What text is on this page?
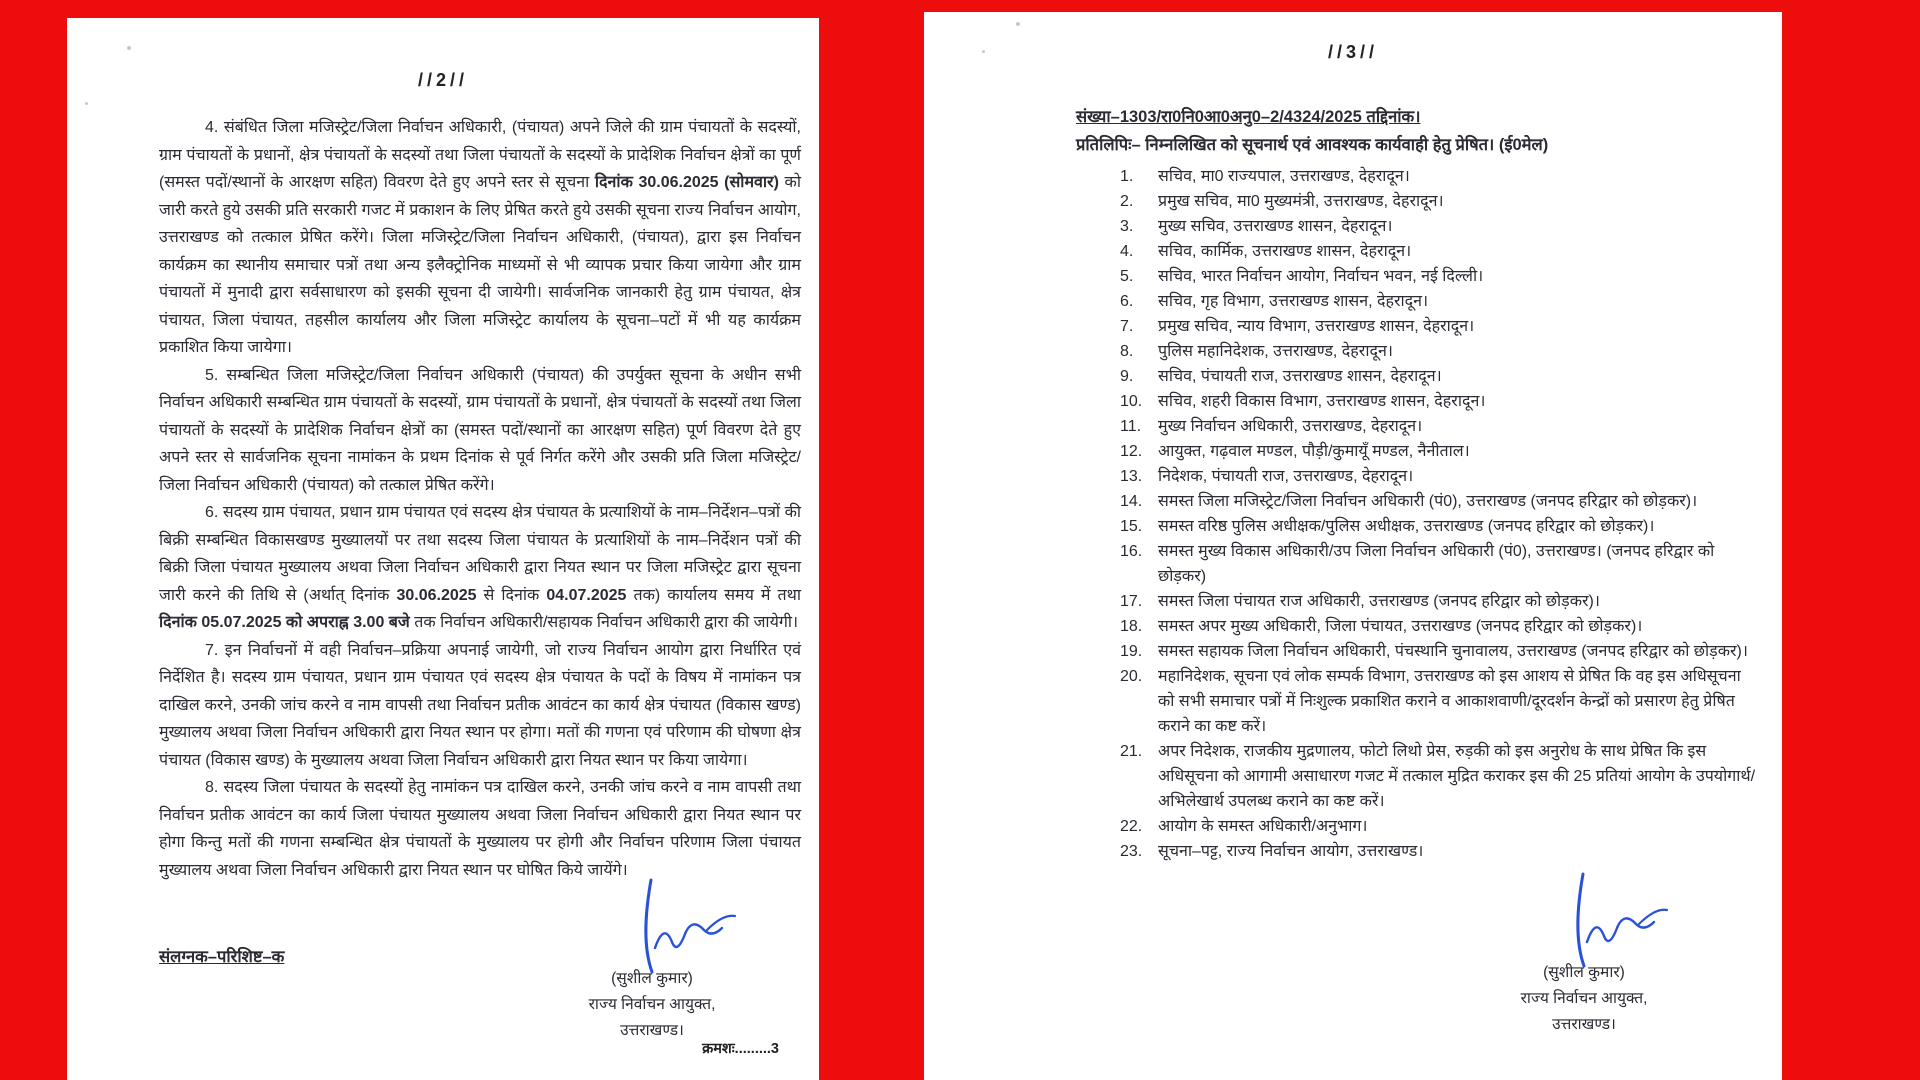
//2//
4. संबंधित जिला मजिस्ट्रेट/जिला निर्वाचन अधिकारी, (पंचायत) अपने जिले की ग्राम पंचायतों के सदस्यों, ग्राम पंचायतों के प्रधानों, क्षेत्र पंचायतों के सदस्यों तथा जिला पंचायतों के सदस्यों के प्रादेशिक निर्वाचन क्षेत्रों का पूर्ण (समस्त पदों/स्थानों के आरक्षण सहित) विवरण देते हुए अपने स्तर से सूचना दिनांक 30.06.2025 (सोमवार) को जारी करते हुये उसकी प्रति सरकारी गजट में प्रकाशन के लिए प्रेषित करते हुये उसकी सूचना राज्य निर्वाचन आयोग, उत्तराखण्ड को तत्काल प्रेषित करेंगे। जिला मजिस्ट्रेट/जिला निर्वाचन अधिकारी, (पंचायत), द्वारा इस निर्वाचन कार्यक्रम का स्थानीय समाचार पत्रों तथा अन्य इलैक्ट्रोनिक माध्यमों से भी व्यापक प्रचार किया जायेगा और ग्राम पंचायतों में मुनादी द्वारा सर्वसाधारण को इसकी सूचना दी जायेगी। सार्वजनिक जानकारी हेतु ग्राम पंचायत, क्षेत्र पंचायत, जिला पंचायत, तहसील कार्यालय और जिला मजिस्ट्रेट कार्यालय के सूचना–पटों में भी यह कार्यक्रम प्रकाशित किया जायेगा।
5. सम्बन्धित जिला मजिस्ट्रेट/जिला निर्वाचन अधिकारी (पंचायत) की उपर्युक्त सूचना के अधीन सभी निर्वाचन अधिकारी सम्बन्धित ग्राम पंचायतों के सदस्यों, ग्राम पंचायतों के प्रधानों, क्षेत्र पंचायतों के सदस्यों तथा जिला पंचायतों के सदस्यों के प्रादेशिक निर्वाचन क्षेत्रों का (समस्त पदों/स्थानों का आरक्षण सहित) पूर्ण विवरण देते हुए अपने स्तर से सार्वजनिक सूचना नामांकन के प्रथम दिनांक से पूर्व निर्गत करेंगे और उसकी प्रति जिला मजिस्ट्रेट/जिला निर्वाचन अधिकारी (पंचायत) को तत्काल प्रेषित करेंगे।
6. सदस्य ग्राम पंचायत, प्रधान ग्राम पंचायत एवं सदस्य क्षेत्र पंचायत के प्रत्याशियों के नाम–निर्देशन–पत्रों की बिक्री सम्बन्धित विकासखण्ड मुख्यालयों पर तथा सदस्य जिला पंचायत के प्रत्याशियों के नाम–निर्देशन पत्रों की बिक्री जिला पंचायत मुख्यालय अथवा जिला निर्वाचन अधिकारी द्वारा नियत स्थान पर जिला मजिस्ट्रेट द्वारा सूचना जारी करने की तिथि से (अर्थात् दिनांक 30.06.2025 से दिनांक 04.07.2025 तक) कार्यालय समय में तथा दिनांक 05.07.2025 को अपराह्न 3.00 बजे तक निर्वाचन अधिकारी/सहायक निर्वाचन अधिकारी द्वारा की जायेगी।
7. इन निर्वाचनों में वही निर्वाचन–प्रक्रिया अपनाई जायेगी, जो राज्य निर्वाचन आयोग द्वारा निर्धारित एवं निर्देशित है। सदस्य ग्राम पंचायत, प्रधान ग्राम पंचायत एवं सदस्य क्षेत्र पंचायत के पदों के विषय में नामांकन पत्र दाखिल करने, उनकी जांच करने व नाम वापसी तथा निर्वाचन प्रतीक आवंटन का कार्य क्षेत्र पंचायत (विकास खण्ड) मुख्यालय अथवा जिला निर्वाचन अधिकारी द्वारा नियत स्थान पर होगा। मतों की गणना एवं परिणाम की घोषणा क्षेत्र पंचायत (विकास खण्ड) के मुख्यालय अथवा जिला निर्वाचन अधिकारी द्वारा नियत स्थान पर किया जायेगा।
8. सदस्य जिला पंचायत के सदस्यों हेतु नामांकन पत्र दाखिल करने, उनकी जांच करने व नाम वापसी तथा निर्वाचन प्रतीक आवंटन का कार्य जिला पंचायत मुख्यालय अथवा जिला निर्वाचन अधिकारी द्वारा नियत स्थान पर होगा किन्तु मतों की गणना सम्बन्धित क्षेत्र पंचायतों के मुख्यालय पर होगी और निर्वाचन परिणाम जिला पंचायत मुख्यालय अथवा जिला निर्वाचन अधिकारी द्वारा नियत स्थान पर घोषित किये जायेंगे।
संलग्नक–परिशिष्ट–क
(सुशील कुमार)
राज्य निर्वाचन आयुक्त,
उत्तराखण्ड।
क्रमशः.........3
//3//
संख्या–1303/रा0नि0आ0अनु0–2/4324/2025 तद्दिनांक।
प्रतिलिपिः– निम्नलिखित को सूचनार्थ एवं आवश्यक कार्यवाही हेतु प्रेषित। (ई0मेल)
1.	सचिव, मा0 राज्यपाल, उत्तराखण्ड, देहरादून।
2.	प्रमुख सचिव, मा0 मुख्यमंत्री, उत्तराखण्ड, देहरादून।
3.	मुख्य सचिव, उत्तराखण्ड शासन, देहरादून।
4.	सचिव, कार्मिक, उत्तराखण्ड शासन, देहरादून।
5.	सचिव, भारत निर्वाचन आयोग, निर्वाचन भवन, नई दिल्ली।
6.	सचिव, गृह विभाग, उत्तराखण्ड शासन, देहरादून।
7.	प्रमुख सचिव, न्याय विभाग, उत्तराखण्ड शासन, देहरादून।
8.	पुलिस महानिदेशक, उत्तराखण्ड, देहरादून।
9.	सचिव, पंचायती राज, उत्तराखण्ड शासन, देहरादून।
10. सचिव, शहरी विकास विभाग, उत्तराखण्ड शासन, देहरादून।
11.	मुख्य निर्वाचन अधिकारी, उत्तराखण्ड, देहरादून।
12. आयुक्त, गढ़वाल मण्डल, पौड़ी/कुमायूँ मण्डल, नैनीताल।
13. निदेशक, पंचायती राज, उत्तराखण्ड, देहरादून।
14. समस्त जिला मजिस्ट्रेट/जिला निर्वाचन अधिकारी (पं0), उत्तराखण्ड (जनपद हरिद्वार को छोड़कर)।
15. समस्त वरिष्ठ पुलिस अधीक्षक/पुलिस अधीक्षक, उत्तराखण्ड (जनपद हरिद्वार को छोड़कर)।
16. समस्त मुख्य विकास अधिकारी/उप जिला निर्वाचन अधिकारी (पं0), उत्तराखण्ड। (जनपद हरिद्वार को छोड़कर)
17. समस्त जिला पंचायत राज अधिकारी, उत्तराखण्ड (जनपद हरिद्वार को छोड़कर)।
18. समस्त अपर मुख्य अधिकारी, जिला पंचायत, उत्तराखण्ड (जनपद हरिद्वार को छोड़कर)।
19. समस्त सहायक जिला निर्वाचन अधिकारी, पंचस्थानि चुनावालय, उत्तराखण्ड (जनपद हरिद्वार को छोड़कर)।
20. महानिदेशक, सूचना एवं लोक सम्पर्क विभाग, उत्तराखण्ड को इस आशय से प्रेषित कि वह इस अधिसूचना को सभी समाचार पत्रों में निःशुल्क प्रकाशित कराने व आकाशवाणी/दूरदर्शन केन्द्रों को प्रसारण हेतु प्रेषित कराने का कष्ट करें।
21. अपर निदेशक, राजकीय मुद्रणालय, फोटो लिथो प्रेस, रुड़की को इस अनुरोध के साथ प्रेषित कि इस अधिसूचना को आगामी असाधारण गजट में तत्काल मुद्रित कराकर इस की 25 प्रतियां आयोग के उपयोगार्थ/अभिलेखार्थ उपलब्ध कराने का कष्ट करें।
22. आयोग के समस्त अधिकारी/अनुभाग।
23. सूचना–पट्ट, राज्य निर्वाचन आयोग, उत्तराखण्ड।
(सुशील कुमार)
राज्य निर्वाचन आयुक्त,
उत्तराखण्ड।
